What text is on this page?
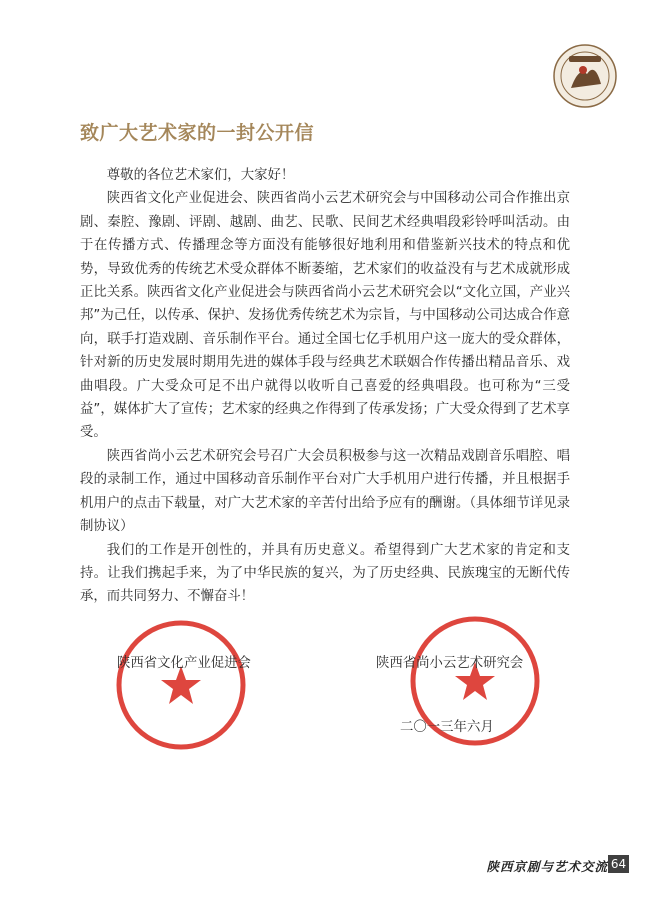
致广大艺术家的一封公开信

尊敬的各位艺术家们，大家好！

陕西省文化产业促进会、陕西省尚小云艺术研究会与中国移动公司合作推出京剧、秦腔、豫剧、评剧、越剧、曲艺、民歌、民间艺术经典唱段彩铃呼叫活动。由于在传播方式、传播理念等方面没有能够很好地利用和借鉴新兴技术的特点和优势，导致优秀的传统艺术受众群体不断萎缩，艺术家们的收益没有与艺术成就形成正比关系。陕西省文化产业促进会与陕西省尚小云艺术研究会以“文化立国，产业兴邦”为己任，以传承、保护、发扬优秀传统艺术为宗旨，与中国移动公司达成合作意向，联手打造戏剧、音乐制作平台。通过全国七亿手机用户这一庞大的受众群体，针对新的历史发展时期用先进的媒体手段与经典艺术联姻合作传播出精品音乐、戏曲唱段。广大受众可足不出户就得以收听自己喜爱的经典唱段。也可称为“三受益”，媒体扩大了宣传；艺术家的经典之作得到了传承发扬；广大受众得到了艺术享受。

陕西省尚小云艺术研究会号召广大会员积极参与这一次精品戏剧音乐唱腔、唱段的录制工作，通过中国移动音乐制作平台对广大手机用户进行传播，并且根据手机用户的点击下载量，对广大艺术家的辛苦付出给予应有的酬谢。（具体细节详见录制协议）

我们的工作是开创性的，并具有历史意义。希望得到广大艺术家的肯定和支持。让我们携起手来，为了中华民族的复兴，为了历史经典、民族瑰宝的无断代传承，而共同努力、不懈奋斗！

陕西省文化产业促进会	陕西省尚小云艺术研究会
二〇一三年六月
陕西京剧与艺术交流 64
